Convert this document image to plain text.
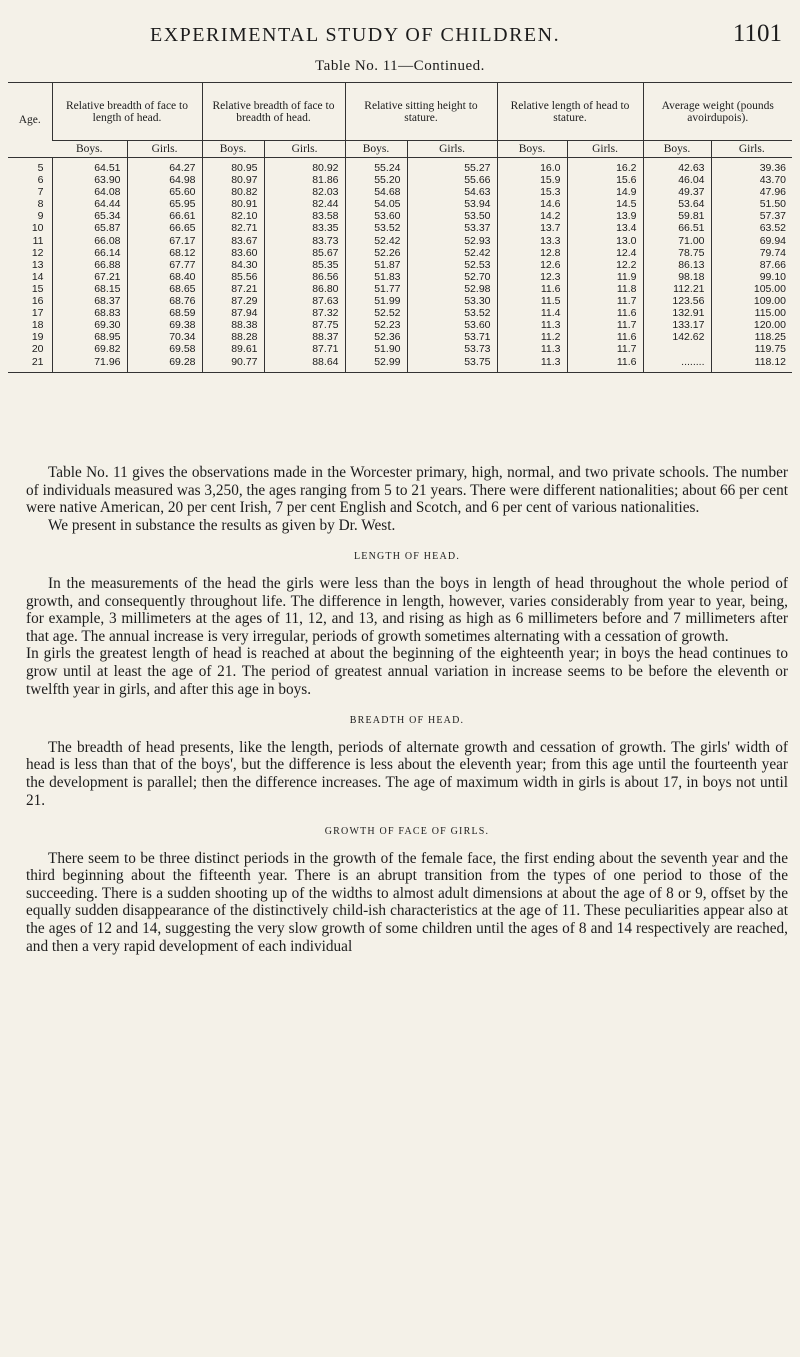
EXPERIMENTAL STUDY OF CHILDREN.	1101
Table No. 11—Continued.
Age.	Relative breadth of face to length of head.		Relative breadth of face to breadth of head.		Relative sitting height to stature.		Relative length of head to stature.		Average weight (pounds avoirdupois).	
	Boys.	Girls.	Boys.	Girls.	Boys.	Girls.	Boys.	Girls.	Boys.	Girls.
5	64.51	64.27	80.95	80.92	55.24	55.27	16.0	16.2	42.63	39.36
6	63.90	64.98	80.97	81.86	55.20	55.66	15.9	15.6	46.04	43.70
7	64.08	65.60	80.82	82.03	54.68	54.63	15.3	14.9	49.37	47.96
8	64.44	65.95	80.91	82.44	54.05	53.94	14.6	14.5	53.64	51.50
9	65.34	66.61	82.10	83.58	53.60	53.50	14.2	13.9	59.81	57.37
10	65.87	66.65	82.71	83.35	53.52	53.37	13.7	13.4	66.51	63.52
11	66.08	67.17	83.67	83.73	52.42	52.93	13.3	13.0	71.00	69.94
12	66.14	68.12	83.60	85.67	52.26	52.42	12.8	12.4	78.75	79.74
13	66.88	67.77	84.30	85.35	51.87	52.53	12.6	12.2	86.13	87.66
14	67.21	68.40	85.56	86.56	51.83	52.70	12.3	11.9	98.18	99.10
15	68.15	68.65	87.21	86.80	51.77	52.98	11.6	11.8	112.21	105.00
16	68.37	68.76	87.29	87.63	51.99	53.30	11.5	11.7	123.56	109.00
17	68.83	68.59	87.94	87.32	52.52	53.52	11.4	11.6	132.91	115.00
18	69.30	69.38	88.38	87.75	52.23	53.60	11.3	11.7	133.17	120.00
19	68.95	70.34	88.28	88.37	52.36	53.71	11.2	11.6	142.62	118.25
20	69.82	69.58	89.61	87.71	51.90	53.73	11.3	11.7		119.75
21	71.96	69.28	90.77	88.64	52.99	53.75	11.3	11.6	........	118.12

Table No. 11 gives the observations made in the Worcester primary, high, normal, and two private schools. The number of individuals measured was 3,250, the ages ranging from 5 to 21 years. There were different nationalities; about 66 per cent were native American, 20 per cent Irish, 7 per cent English and Scotch, and 6 per cent of various nationalities.

We present in substance the results as given by Dr. West.

LENGTH OF HEAD.

In the measurements of the head the girls were less than the boys in length of head throughout the whole period of growth, and consequently throughout life. The difference in length, however, varies considerably from year to year, being, for example, 3 millimeters at the ages of 11, 12, and 13, and rising as high as 6 millimeters before and 7 millimeters after that age. The annual increase is very irregular, periods of growth sometimes alternating with a cessation of growth.

In girls the greatest length of head is reached at about the beginning of the eighteenth year; in boys the head continues to grow until at least the age of 21. The period of greatest annual variation in increase seems to be before the eleventh or twelfth year in girls, and after this age in boys.

BREADTH OF HEAD.

The breadth of head presents, like the length, periods of alternate growth and cessation of growth. The girls' width of head is less than that of the boys', but the difference is less about the eleventh year; from this age until the fourteenth year the development is parallel; then the difference increases. The age of maximum width in girls is about 17, in boys not until 21.

GROWTH OF FACE OF GIRLS.

There seem to be three distinct periods in the growth of the female face, the first ending about the seventh year and the third beginning about the fifteenth year. There is an abrupt transition from the types of one period to those of the succeeding. There is a sudden shooting up of the widths to almost adult dimensions at about the age of 8 or 9, offset by the equally sudden disappearance of the distinctively child-ish characteristics at the age of 11. These peculiarities appear also at the ages of 12 and 14, suggesting the very slow growth of some children until the ages of 8 and 14 respectively are reached, and then a very rapid development of each individual
